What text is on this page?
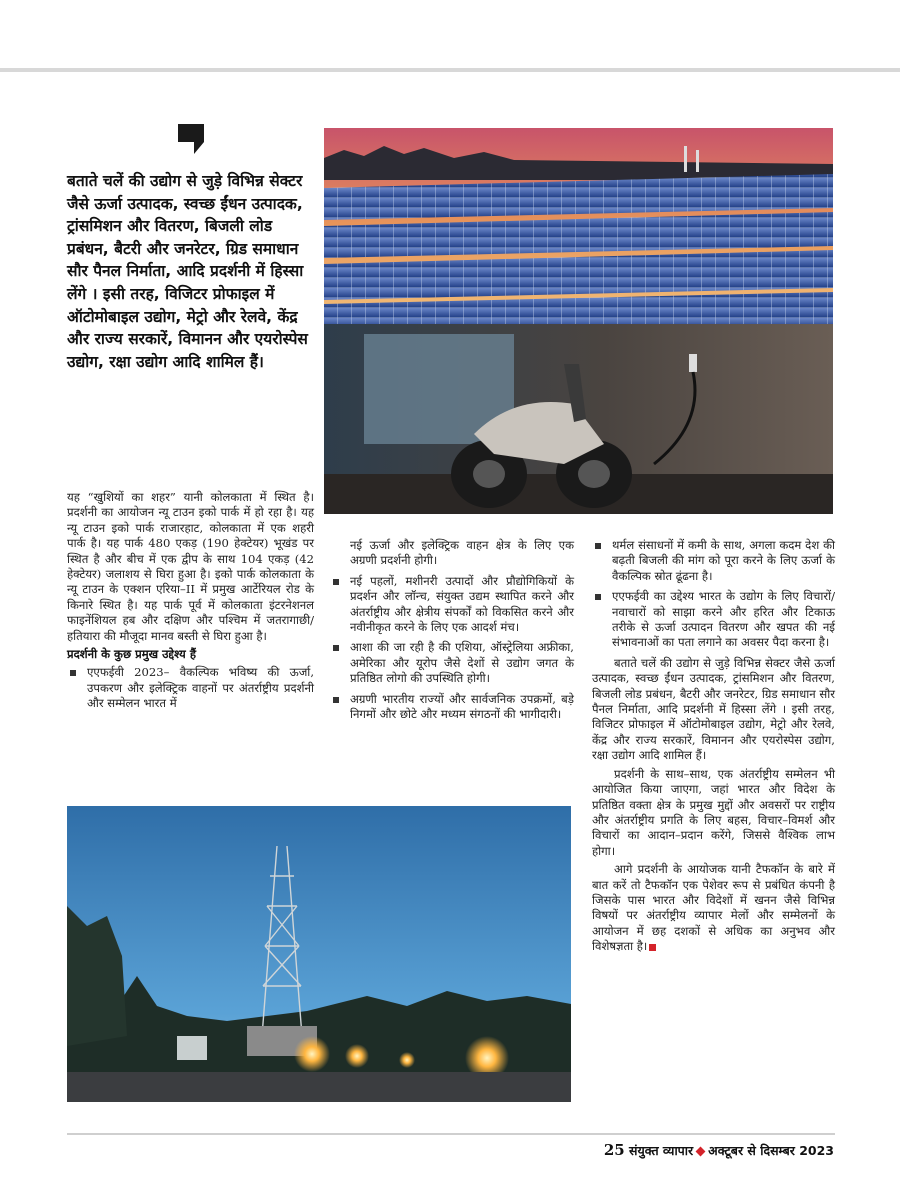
बताते चलें की उद्योग से जुड़े विभिन्न सेक्टर जैसे ऊर्जा उत्पादक, स्वच्छ ईंधन उत्पादक, ट्रांसमिशन और वितरण, बिजली लोड प्रबंधन, बैटरी और जनरेटर, ग्रिड समाधान सौर पैनल निर्माता, आदि प्रदर्शनी में हिस्सा लेंगे । इसी तरह, विजिटर प्रोफाइल में ऑटोमोबाइल उद्योग, मेट्रो और रेलवे, केंद्र और राज्य सरकारें, विमानन और एयरोस्पेस उद्योग, रक्षा उद्योग आदि शामिल हैं।

यह “खुशियों का शहर” यानी कोलकाता में स्थित है। प्रदर्शनी का आयोजन न्यू टाउन इको पार्क में हो रहा है। यह न्यू टाउन इको पार्क राजारहाट, कोलकाता में एक शहरी पार्क है। यह पार्क 480 एकड़ (190 हेक्टेयर) भूखंड पर स्थित है और बीच में एक द्वीप के साथ 104 एकड़ (42 हेक्टेयर) जलाशय से घिरा हुआ है। इको पार्क कोलकाता के न्यू टाउन के एक्शन एरिया–II में प्रमुख आर्टेरियल रोड के किनारे स्थित है। यह पार्क पूर्व में कोलकाता इंटरनेशनल फाइनेंशियल हब और दक्षिण और पश्चिम में जतरागाछी/हतियारा की मौजूदा मानव बस्ती से घिरा हुआ है।

प्रदर्शनी के कुछ प्रमुख उद्देश्य हैं
एएफईवी 2023– वैकल्पिक भविष्य की ऊर्जा, उपकरण और इलेक्ट्रिक वाहनों पर अंतर्राष्ट्रीय प्रदर्शनी और सम्मेलन भारत में
नई ऊर्जा और इलेक्ट्रिक वाहन क्षेत्र के लिए एक अग्रणी प्रदर्शनी होगी।
नई पहलों, मशीनरी उत्पादों और प्रौद्योगिकियों के प्रदर्शन और लॉन्च, संयुक्त उद्यम स्थापित करने और अंतर्राष्ट्रीय और क्षेत्रीय संपर्कों को विकसित करने और नवीनीकृत करने के लिए एक आदर्श मंच।
आशा की जा रही है की एशिया, ऑस्ट्रेलिया अफ्रीका, अमेरिका और यूरोप जैसे देशों से उद्योग जगत के प्रतिष्ठित लोगो की उपस्थिति होगी।
अग्रणी भारतीय राज्यों और सार्वजनिक उपक्रमों, बड़े निगमों और छोटे और मध्यम संगठनों की भागीदारी।
थर्मल संसाधनों में कमी के साथ, अगला कदम देश की बढ़ती बिजली की मांग को पूरा करने के लिए ऊर्जा के वैकल्पिक स्रोत ढूंढना है।
एएफईवी का उद्देश्य भारत के उद्योग के लिए विचारों/नवाचारों को साझा करने और हरित और टिकाऊ तरीके से ऊर्जा उत्पादन वितरण और खपत की नई संभावनाओं का पता लगाने का अवसर पैदा करना है।

बताते चलें की उद्योग से जुड़े विभिन्न सेक्टर जैसे ऊर्जा उत्पादक, स्वच्छ ईंधन उत्पादक, ट्रांसमिशन और वितरण, बिजली लोड प्रबंधन, बैटरी और जनरेटर, ग्रिड समाधान सौर पैनल निर्माता, आदि प्रदर्शनी में हिस्सा लेंगे । इसी तरह, विजिटर प्रोफाइल में ऑटोमोबाइल उद्योग, मेट्रो और रेलवे, केंद्र और राज्य सरकारें, विमानन और एयरोस्पेस उद्योग, रक्षा उद्योग आदि शामिल हैं।

प्रदर्शनी के साथ–साथ, एक अंतर्राष्ट्रीय सम्मेलन भी आयोजित किया जाएगा, जहां भारत और विदेश के प्रतिष्ठित वक्ता क्षेत्र के प्रमुख मुद्दों और अवसरों पर राष्ट्रीय और अंतर्राष्ट्रीय प्रगति के लिए बहस, विचार–विमर्श और विचारों का आदान–प्रदान करेंगे, जिससे वैश्विक लाभ होगा।

आगे प्रदर्शनी के आयोजक यानी टैफकॉन के बारे में बात करें तो टैफकॉन एक पेशेवर रूप से प्रबंधित कंपनी है जिसके पास भारत और विदेशों में खनन जैसे विभिन्न विषयों पर अंतर्राष्ट्रीय व्यापार मेलों और सम्मेलनों के आयोजन में छह दशकों से अधिक का अनुभव और विशेषज्ञता है।

25 संयुक्त व्यापार अक्टूबर से दिसम्बर 2023
